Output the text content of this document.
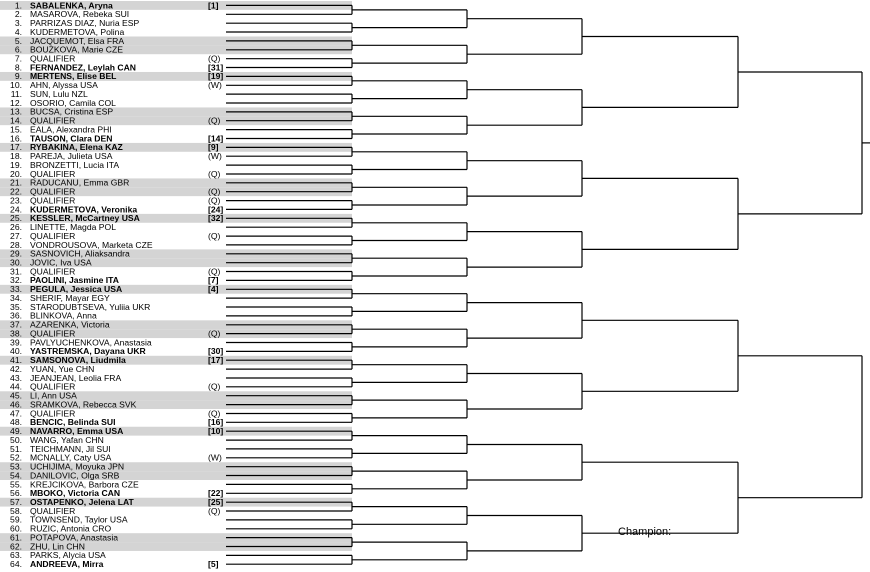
1. SABALENKA, Aryna	[1]
2. MASAROVA, Rebeka SUI
3. PARRIZAS DIAZ, Nuria ESP
4. KUDERMETOVA, Polina
5. JACQUEMOT, Elsa FRA
6. BOUZKOVA, Marie CZE
7. QUALIFIER	(Q)
8. FERNANDEZ, Leylah CAN	[31]
9. MERTENS, Elise BEL	[19]
10. AHN, Alyssa USA	(W)
11. SUN, Lulu NZL
12. OSORIO, Camila COL
13. BUCSA, Cristina ESP
14. QUALIFIER	(Q)
15. EALA, Alexandra PHI
16. TAUSON, Clara DEN	[14]
17. RYBAKINA, Elena KAZ	[9]
18. PAREJA, Julieta USA	(W)
19. BRONZETTI, Lucia ITA
20. QUALIFIER	(Q)
21. RADUCANU, Emma GBR
22. QUALIFIER	(Q)
23. QUALIFIER	(Q)
24. KUDERMETOVA, Veronika	[24]
25. KESSLER, McCartney USA	[32]
26. LINETTE, Magda POL
27. QUALIFIER	(Q)
28. VONDROUSOVA, Marketa CZE
29. SASNOVICH, Aliaksandra
30. JOVIC, Iva USA
31. QUALIFIER	(Q)
32. PAOLINI, Jasmine ITA	[7]
33. PEGULA, Jessica USA	[4]
34. SHERIF, Mayar EGY
35. STARODUBTSEVA, Yuliia UKR
36. BLINKOVA, Anna
37. AZARENKA, Victoria
38. QUALIFIER	(Q)
39. PAVLYUCHENKOVA, Anastasia
40. YASTREMSKA, Dayana UKR	[30]
41. SAMSONOVA, Liudmila	[17]
42. YUAN, Yue CHN
43. JEANJEAN, Leolia FRA
44. QUALIFIER	(Q)
45. LI, Ann USA
46. SRAMKOVA, Rebecca SVK
47. QUALIFIER	(Q)
48. BENCIC, Belinda SUI	[16]
49. NAVARRO, Emma USA	[10]
50. WANG, Yafan CHN
51. TEICHMANN, Jil SUI
52. MCNALLY, Caty USA	(W)
53. UCHIJIMA, Moyuka JPN
54. DANILOVIC, Olga SRB
55. KREJCIKOVA, Barbora CZE
56. MBOKO, Victoria CAN	[22]
57. OSTAPENKO, Jelena LAT	[25]
58. QUALIFIER	(Q)
59. TOWNSEND, Taylor USA
60. RUZIC, Antonia CRO
61. POTAPOVA, Anastasia
62. ZHU, Lin CHN
63. PARKS, Alycia USA
64. ANDREEVA, Mirra	[5]
Champion:
